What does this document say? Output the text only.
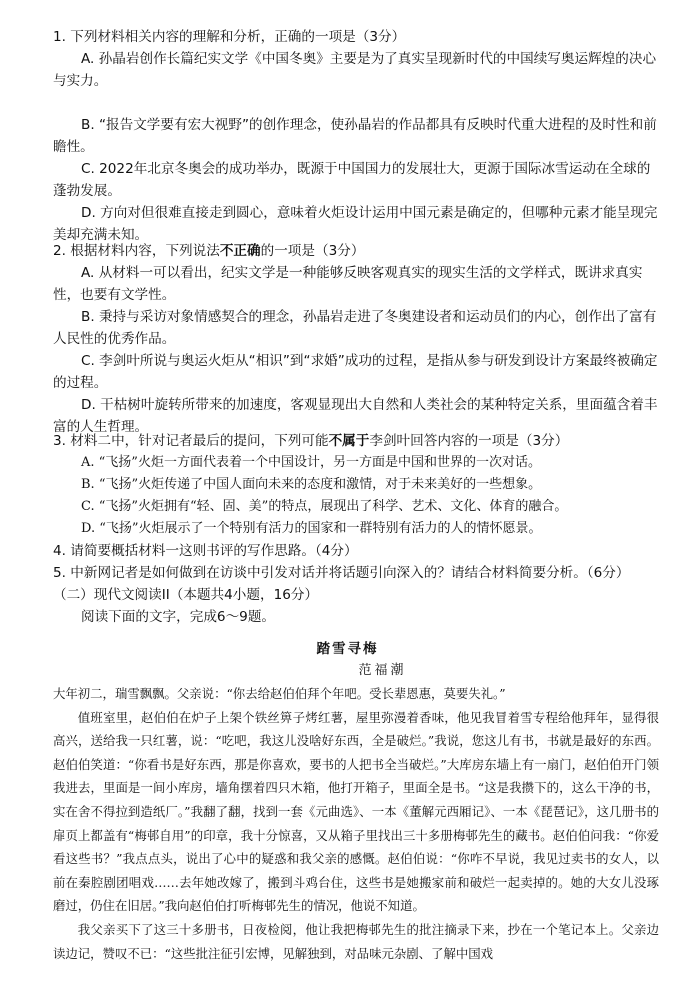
1. 下列材料相关内容的理解和分析，正确的一项是（3分）

A. 孙晶岩创作长篇纪实文学《中国冬奥》主要是为了真实呈现新时代的中国续写奥运辉煌的决心与实力。

B. “报告文学要有宏大视野”的创作理念，使孙晶岩的作品都具有反映时代重大进程的及时性和前瞻性。

C. 2022年北京冬奥会的成功举办，既源于中国国力的发展壮大，更源于国际冰雪运动在全球的蓬勃发展。

D. 方向对但很难直接走到圆心，意味着火炬设计运用中国元素是确定的，但哪种元素才能呈现完美却充满未知。

2. 根据材料内容，下列说法不正确的一项是（3分）

A. 从材料一可以看出，纪实文学是一种能够反映客观真实的现实生活的文学样式，既讲求真实性，也要有文学性。

B. 秉持与采访对象情感契合的理念，孙晶岩走进了冬奥建设者和运动员们的内心，创作出了富有人民性的优秀作品。

C. 李剑叶所说与奥运火炬从“相识”到“求婚”成功的过程，是指从参与研发到设计方案最终被确定的过程。

D. 干枯树叶旋转所带来的加速度，客观显现出大自然和人类社会的某种特定关系，里面蕴含着丰富的人生哲理。

3. 材料二中，针对记者最后的提问，下列可能不属于李剑叶回答内容的一项是（3分）

A. “飞扬”火炬一方面代表着一个中国设计，另一方面是中国和世界的一次对话。

B. “飞扬”火炬传递了中国人面向未来的态度和激情，对于未来美好的一些想象。

C. “飞扬”火炬拥有“轻、固、美”的特点，展现出了科学、艺术、文化、体育的融合。

D. “飞扬”火炬展示了一个特别有活力的国家和一群特别有活力的人的情怀愿景。

4. 请简要概括材料一这则书评的写作思路。（4分）

5. 中新网记者是如何做到在访谈中引发对话并将话题引向深入的？请结合材料简要分析。（6分）

（二）现代文阅读II（本题共4小题，16分）

阅读下面的文字，完成6～9题。

踏雪寻梅
范福潮

大年初二，瑞雪飘飘。父亲说：“你去给赵伯伯拜个年吧。受长辈恩惠，莫要失礼。”

值班室里，赵伯伯在炉子上架个铁丝箅子烤红薯，屋里弥漫着香味，他见我冒着雪专程给他拜年，显得很高兴，送给我一只红薯，说：“吃吧，我这儿没啥好东西，全是破烂。”我说，您这儿有书，书就是最好的东西。赵伯伯笑道：“你看书是好东西，那是你喜欢，要书的人把书全当破烂。”大库房东墙上有一扇门，赵伯伯开门领我进去，里面是一间小库房，墙角摆着四只木箱，他打开箱子，里面全是书。“这是我攒下的，这么干净的书，实在舍不得拉到造纸厂。”我翻了翻，找到一套《元曲选》、一本《董解元西厢记》、一本《琵琶记》，这几册书的扉页上都盖有“梅邨自用”的印章，我十分惊喜，又从箱子里找出三十多册梅邨先生的藏书。赵伯伯问我：“你爱看这些书？”我点点头，说出了心中的疑惑和我父亲的感慨。赵伯伯说：“你咋不早说，我见过卖书的女人，以前在秦腔剧团唱戏……去年她改嫁了，搬到斗鸡台住，这些书是她搬家前和破烂一起卖掉的。她的大女儿没琢磨过，仍住在旧居。”我向赵伯伯打听梅邨先生的情况，他说不知道。

我父亲买下了这三十多册书，日夜检阅，他让我把梅邨先生的批注摘录下来，抄在一个笔记本上。父亲边读边记，赞叹不已：“这些批注征引宏博，见解独到，对品味元杂剧、了解中国戏
